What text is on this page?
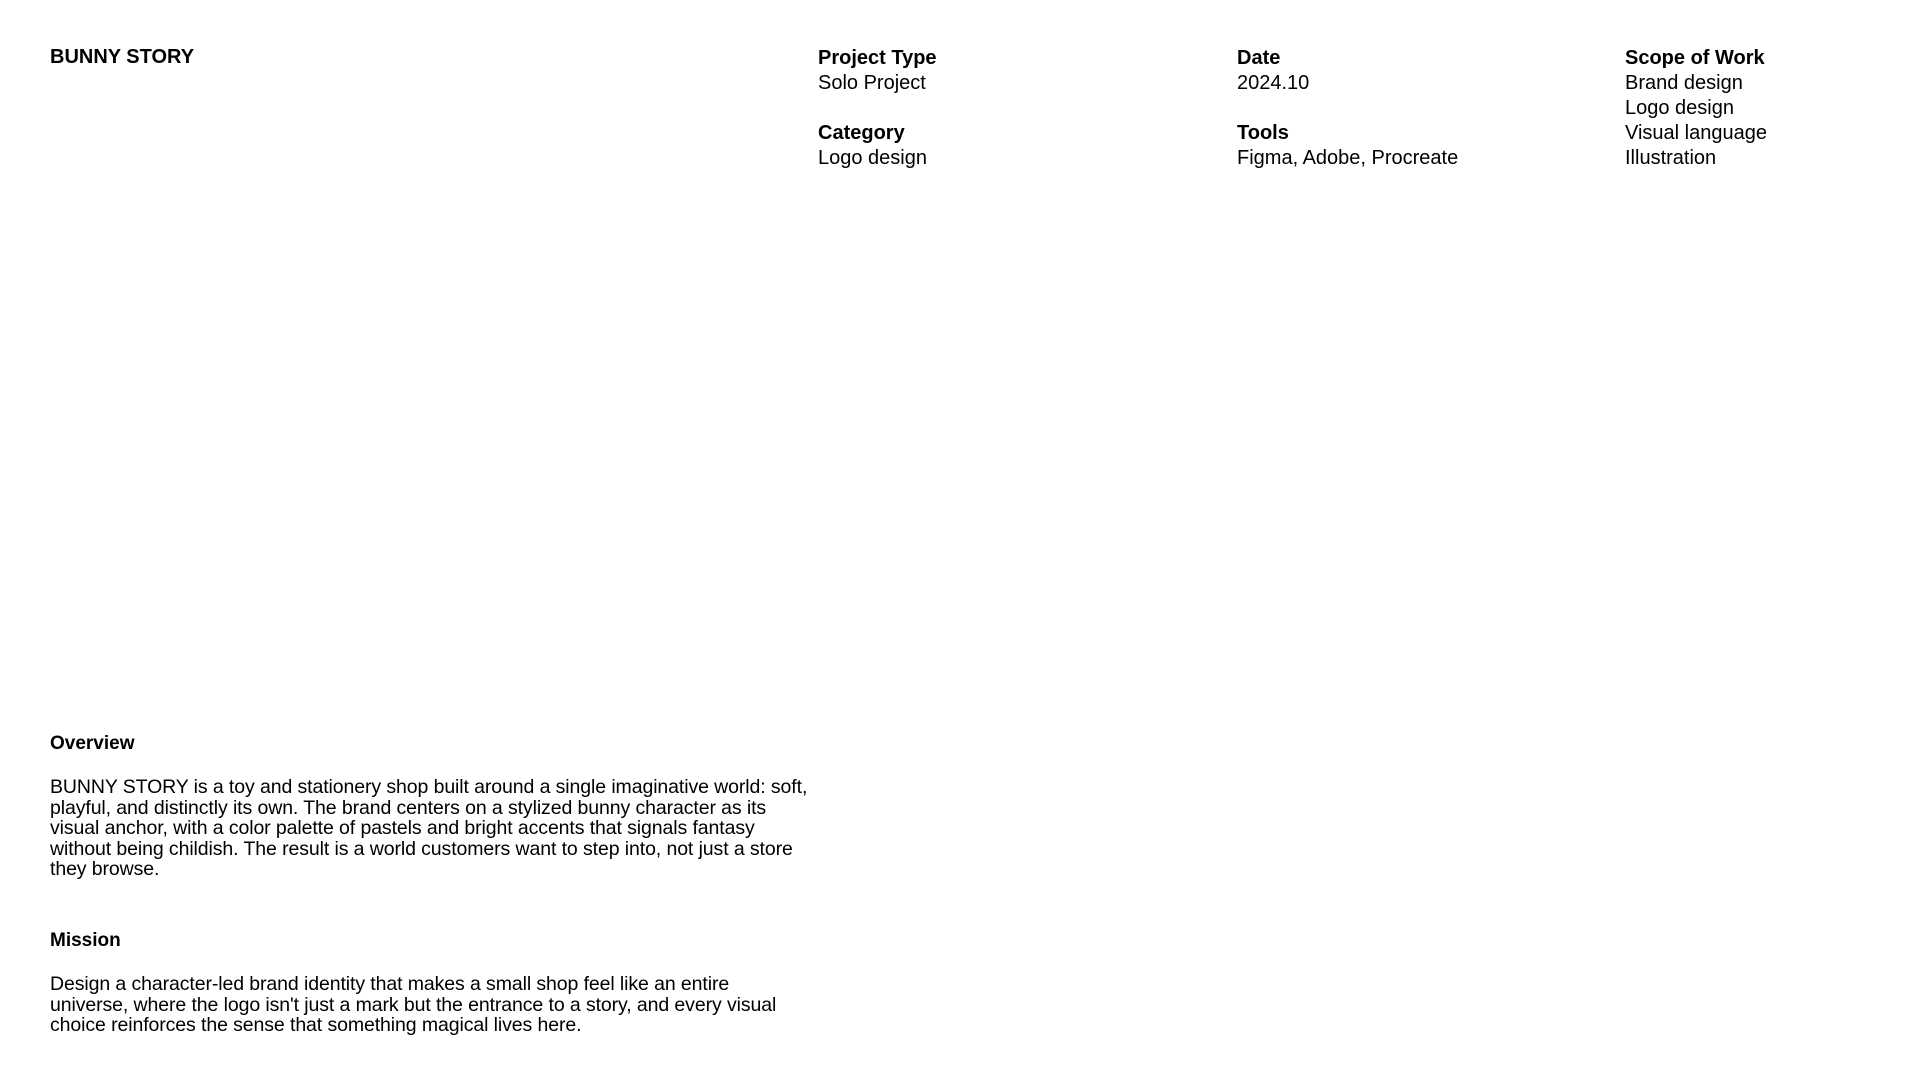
BUNNY STORY	Project Type

Solo Project

Category

Logo design

Date

2024.10

Tools

Figma, Adobe, Procreate

Scope of Work

Brand design
Logo design
Visual language
Illustration
Overview

BUNNY STORY is a toy and stationery shop built around a single imaginative world: soft, playful, and distinctly its own. The brand centers on a stylized bunny character as its visual anchor, with a color palette of pastels and bright accents that signals fantasy without being childish. The result is a world customers want to step into, not just a store they browse.

Mission

Design a character-led brand identity that makes a small shop feel like an entire universe, where the logo isn't just a mark but the entrance to a story, and every visual choice reinforces the sense that something magical lives here.
